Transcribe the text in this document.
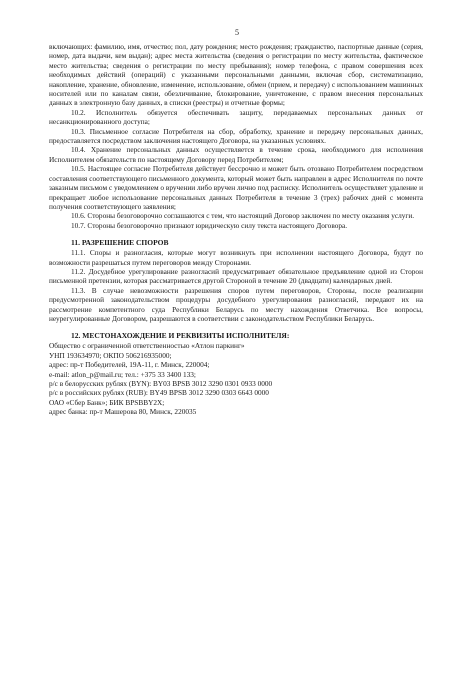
5

включающих: фамилию, имя, отчество; пол, дату рождения; место рождения; гражданство, паспортные данные (серия, номер, дата выдачи, кем выдан); адрес места жительства (сведения о регистрации по месту жительства, фактическое место жительства; сведения о регистрации по месту пребывания); номер телефона, с правом совершения всех необходимых действий (операций) с указанными персональными данными, включая сбор, систематизацию, накопление, хранение, обновление, изменение, использование, обмен (прием, и передачу) с использованием машинных носителей или по каналам связи, обезличивание, блокирование, уничтожение, с правом внесения персональных данных в электронную базу данных, в списки (реестры) и отчетные формы;

10.2. Исполнитель обязуется обеспечивать защиту, передаваемых персональных данных от несанкционированного доступа;

10.3. Письменное согласие Потребителя на сбор, обработку, хранение и передачу персональных данных, предоставляется посредством заключения настоящего Договора, на указанных условиях.

10.4. Хранение персональных данных осуществляется в течение срока, необходимого для исполнения Исполнителем обязательств по настоящему Договору перед Потребителем;

10.5. Настоящее согласие Потребителя действует бессрочно и может быть отозвано Потребителем посредством составления соответствующего письменного документа, который может быть направлен в адрес Исполнителя по почте заказным письмом с уведомлением о вручении либо вручен лично под расписку. Исполнитель осуществляет удаление и прекращает любое использование персональных данных Потребителя в течение 3 (трех) рабочих дней с момента получения соответствующего заявления;

10.6. Стороны безоговорочно соглашаются с тем, что настоящий Договор заключен по месту оказания услуги.

10.7. Стороны безоговорочно признают юридическую силу текста настоящего Договора.

11. РАЗРЕШЕНИЕ СПОРОВ

11.1. Споры и разногласия, которые могут возникнуть при исполнении настоящего Договора, будут по возможности разрешаться путем переговоров между Сторонами.

11.2. Досудебное урегулирование разногласий предусматривает обязательное предъявление одной из Сторон письменной претензии, которая рассматривается другой Стороной в течение 20 (двадцати) календарных дней.

11.3. В случае невозможности разрешения споров путем переговоров, Стороны, после реализации предусмотренной законодательством процедуры досудебного урегулирования разногласий, передают их на рассмотрение компетентного суда Республики Беларусь по месту нахождения Ответчика. Все вопросы, неурегулированные Договором, разрешаются в соответствии с законодательством Республики Беларусь.

12. МЕСТОНАХОЖДЕНИЕ И РЕКВИЗИТЫ ИСПОЛНИТЕЛЯ:

Общество с ограниченной ответственностью «Атлон паркинг»

УНП 193634970; ОКПО 506216935000;

адрес: пр-т Победителей, 19А-11, г. Минск, 220004;

e-mail: atlon_p@mail.ru; тел.: +375 33 3400 133;

р/с в белорусских рублях (BYN): BY03 BPSB 3012 3290 0301 0933 0000

р/с в российских рублях (RUB): BY49 BPSB 3012 3290 0303 6643 0000

ОАО «Сбер Банк»; БИК BPSBBY2X;

адрес банка: пр-т Машерова 80, Минск, 220035
